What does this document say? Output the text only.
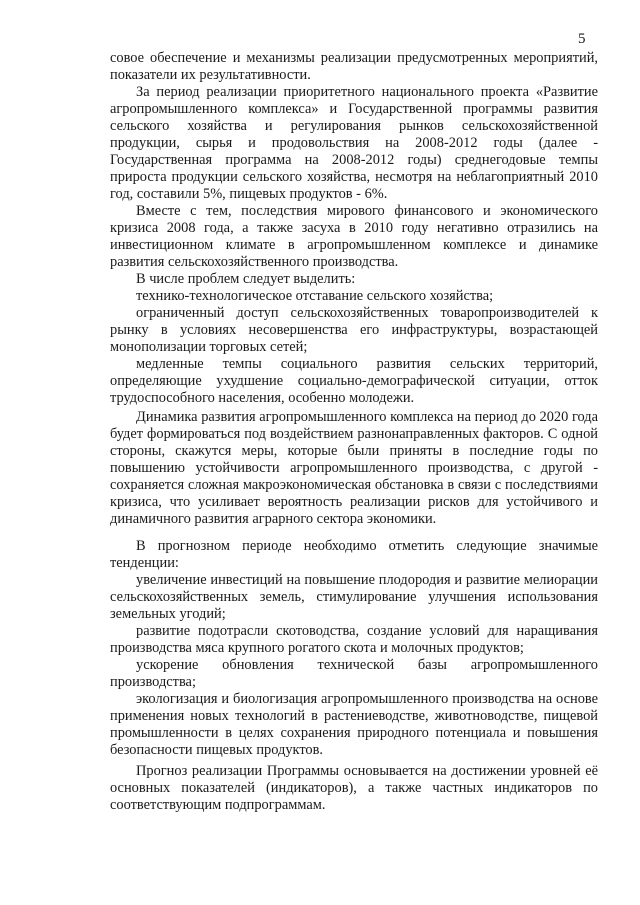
5

совое обеспечение и механизмы реализации предусмотренных мероприятий, показатели их результативности.

За период реализации приоритетного национального проекта «Развитие агропромышленного комплекса» и Государственной программы развития сельского хозяйства и регулирования рынков сельскохозяйственной продукции, сырья и продовольствия на 2008-2012 годы (далее - Государственная программа на 2008-2012 годы) среднегодовые темпы прироста продукции сельского хозяйства, несмотря на неблагоприятный 2010 год, составили 5%, пищевых продуктов - 6%.

Вместе с тем, последствия мирового финансового и экономического кризиса 2008 года, а также засуха в 2010 году негативно отразились на инвестиционном климате в агропромышленном комплексе и динамике развития сельскохозяйственного производства.

В числе проблем следует выделить:

технико-технологическое отставание сельского хозяйства;

ограниченный доступ сельскохозяйственных товаропроизводителей к рынку в условиях несовершенства его инфраструктуры, возрастающей монополизации торговых сетей;

медленные темпы социального развития сельских территорий, определяющие ухудшение социально-демографической ситуации, отток трудоспособного населения, особенно молодежи.

Динамика развития агропромышленного комплекса на период до 2020 года будет формироваться под воздействием разнонаправленных факторов. С одной стороны, скажутся меры, которые были приняты в последние годы по повышению устойчивости агропромышленного производства, с другой - сохраняется сложная макроэкономическая обстановка в связи с последствиями кризиса, что усиливает вероятность реализации рисков для устойчивого и динамичного развития аграрного сектора экономики.

В прогнозном периоде необходимо отметить следующие значимые тенденции:

увеличение инвестиций на повышение плодородия и развитие мелиорации сельскохозяйственных земель, стимулирование улучшения использования земельных угодий;

развитие подотрасли скотоводства, создание условий для наращивания производства мяса крупного рогатого скота и молочных продуктов;

ускорение обновления технической базы агропромышленного производства;

экологизация и биологизация агропромышленного производства на основе применения новых технологий в растениеводстве, животноводстве, пищевой промышленности в целях сохранения природного потенциала и повышения безопасности пищевых продуктов.

Прогноз реализации Программы основывается на достижении уровней её основных показателей (индикаторов), а также частных индикаторов по соответствующим подпрограммам.
